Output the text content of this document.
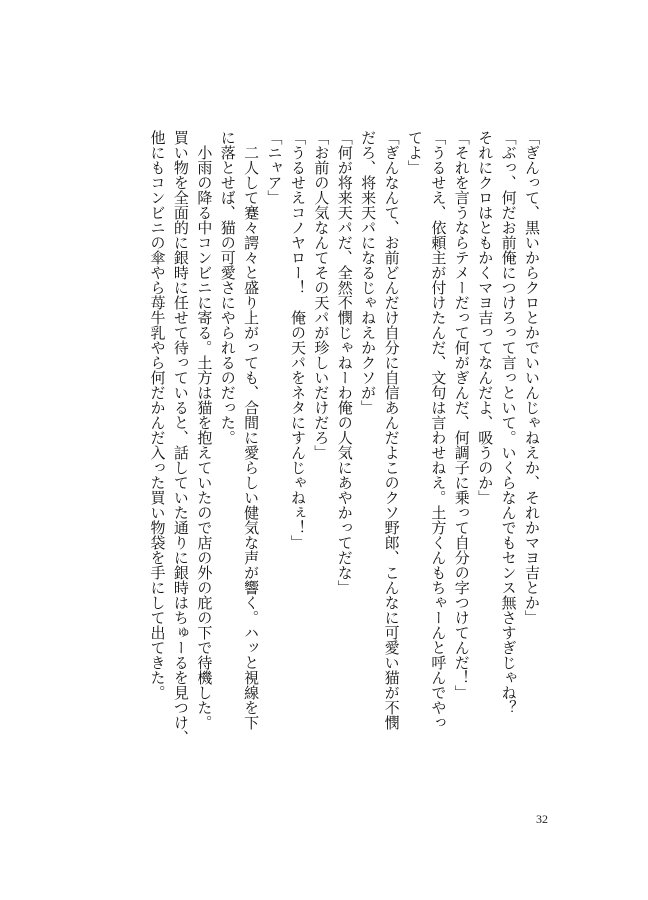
「ぎんって、黒いからクロとかでいいんじゃねえか、それかマヨ吉とか」
「ぶっ、何だお前俺につけろって言っといて。いくらなんでもセンス無さすぎじゃね？
それにクロはともかくマヨ吉ってなんだよ、吸うのか」
「それを言うならテメーだって何がぎんだ、何調子に乗って自分の字つけてんだ！」
「うるせえ、依頼主が付けたんだ、文句は言わせねえ。土方くんもちゃーんと呼んでやっ
てよ」
「ぎんなんて、お前どんだけ自分に自信あんだよこのクソ野郎、こんなに可愛い猫が不憫
だろ、将来天パになるじゃねえかクソが」
「何が将来天パだ、全然不憫じゃねーわ俺の人気にあやかってだな」
「お前の人気なんてその天パが珍しいだけだろ」
「うるせえコノヤロー！　俺の天パをネタにすんじゃねぇ！」
「ニャア」
　二人して蹇々諤々と盛り上がっても、合間に愛らしい健気な声が響く。ハッと視線を下
に落とせば、猫の可愛さにやられるのだった。
　小雨の降る中コンビニに寄る。土方は猫を抱えていたので店の外の庇の下で待機した。
買い物を全面的に銀時に任せて待っていると、話していた通りに銀時はちゅーるを見つけ、
他にもコンビニの傘やら苺牛乳やら何だかんだ入った買い物袋を手にして出てきた。
32
